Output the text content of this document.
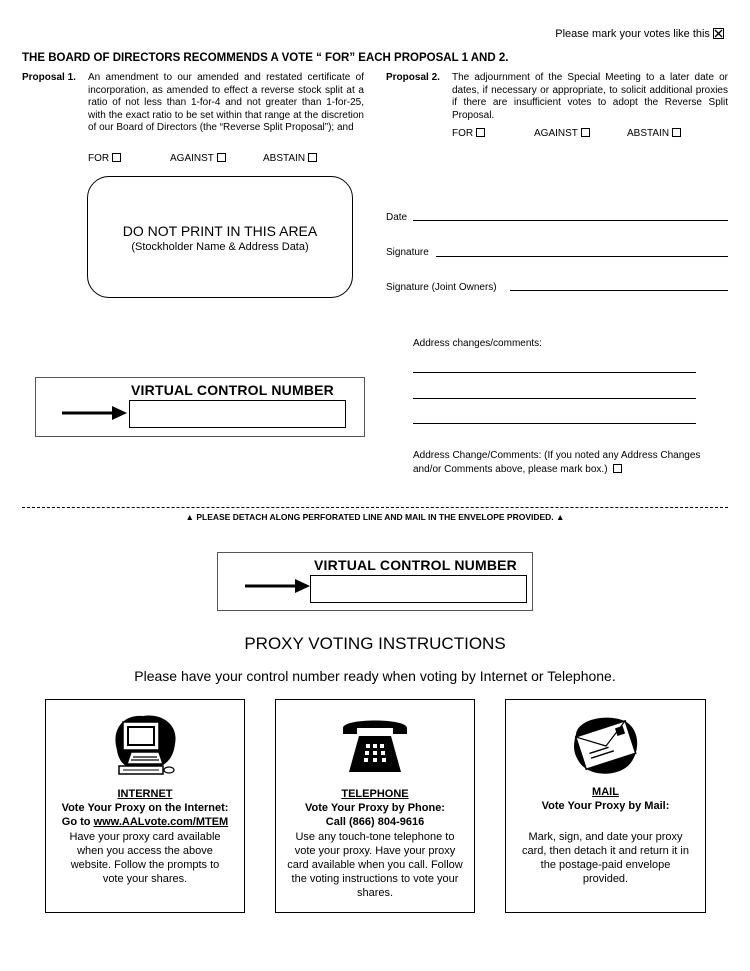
Please mark your votes like this
THE BOARD OF DIRECTORS RECOMMENDS A VOTE “ FOR” EACH PROPOSAL 1 AND 2.
Proposal 1. An amendment to our amended and restated certificate of incorporation, as amended to effect a reverse stock split at a ratio of not less than 1-for-4 and not greater than 1-for-25, with the exact ratio to be set within that range at the discretion of our Board of Directors (the “Reverse Split Proposal”); and
FOR	AGAINST	ABSTAIN
Proposal 2. The adjournment of the Special Meeting to a later date or dates, if necessary or appropriate, to solicit additional proxies if there are insufficient votes to adopt the Reverse Split Proposal.
FOR	AGAINST	ABSTAIN
DO NOT PRINT IN THIS AREA
(Stockholder Name & Address Data)
Date
Signature
Signature (Joint Owners)
Address changes/comments:
Address Change/Comments: (If you noted any Address Changes and/or Comments above, please mark box.)
VIRTUAL CONTROL NUMBER
▲ PLEASE DETACH ALONG PERFORATED LINE AND MAIL IN THE ENVELOPE PROVIDED. ▲
VIRTUAL CONTROL NUMBER
PROXY VOTING INSTRUCTIONS
Please have your control number ready when voting by Internet or Telephone.
INTERNET
Vote Your Proxy on the Internet:
Go to www.AALvote.com/MTEM
Have your proxy card available when you access the above website. Follow the prompts to vote your shares.
TELEPHONE
Vote Your Proxy by Phone:
Call (866) 804-9616
Use any touch-tone telephone to vote your proxy. Have your proxy card available when you call. Follow the voting instructions to vote your shares.
MAIL
Vote Your Proxy by Mail:
Mark, sign, and date your proxy card, then detach it and return it in the postage-paid envelope provided.
